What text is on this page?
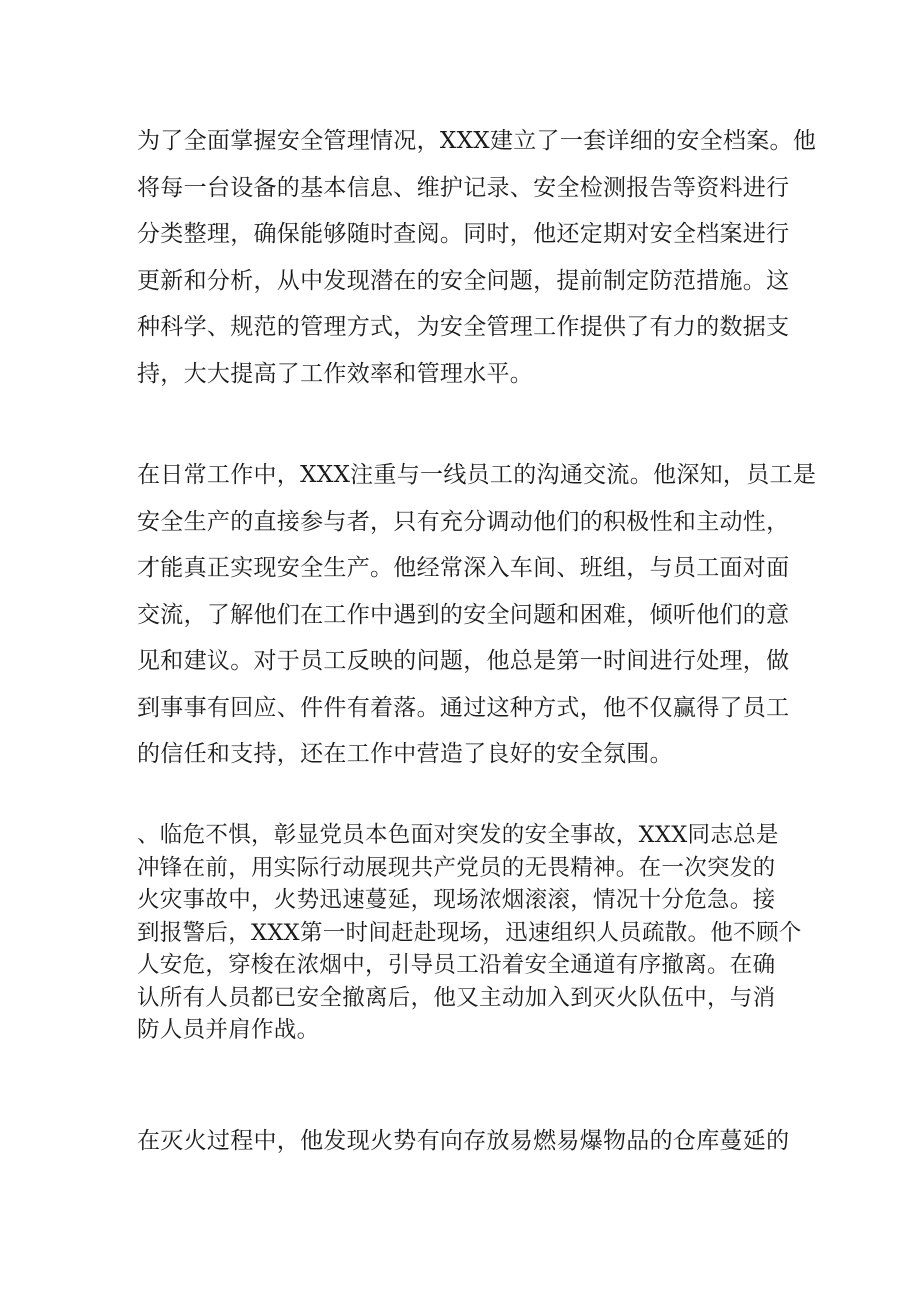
为了全面掌握安全管理情况，XXX建立了一套详细的安全档案。他
将每一台设备的基本信息、维护记录、安全检测报告等资料进行
分类整理，确保能够随时查阅。同时，他还定期对安全档案进行
更新和分析，从中发现潜在的安全问题，提前制定防范措施。这
种科学、规范的管理方式，为安全管理工作提供了有力的数据支
持，大大提高了工作效率和管理水平。
在日常工作中，XXX注重与一线员工的沟通交流。他深知，员工是
安全生产的直接参与者，只有充分调动他们的积极性和主动性，
才能真正实现安全生产。他经常深入车间、班组，与员工面对面
交流，了解他们在工作中遇到的安全问题和困难，倾听他们的意
见和建议。对于员工反映的问题，他总是第一时间进行处理，做
到事事有回应、件件有着落。通过这种方式，他不仅赢得了员工
的信任和支持，还在工作中营造了良好的安全氛围。
、临危不惧，彰显党员本色面对突发的安全事故，XXX同志总是
冲锋在前，用实际行动展现共产党员的无畏精神。在一次突发的
火灾事故中，火势迅速蔓延，现场浓烟滚滚，情况十分危急。接
到报警后，XXX第一时间赶赴现场，迅速组织人员疏散。他不顾个
人安危，穿梭在浓烟中，引导员工沿着安全通道有序撤离。在确
认所有人员都已安全撤离后，他又主动加入到灭火队伍中，与消
防人员并肩作战。
在灭火过程中，他发现火势有向存放易燃易爆物品的仓库蔓延的
